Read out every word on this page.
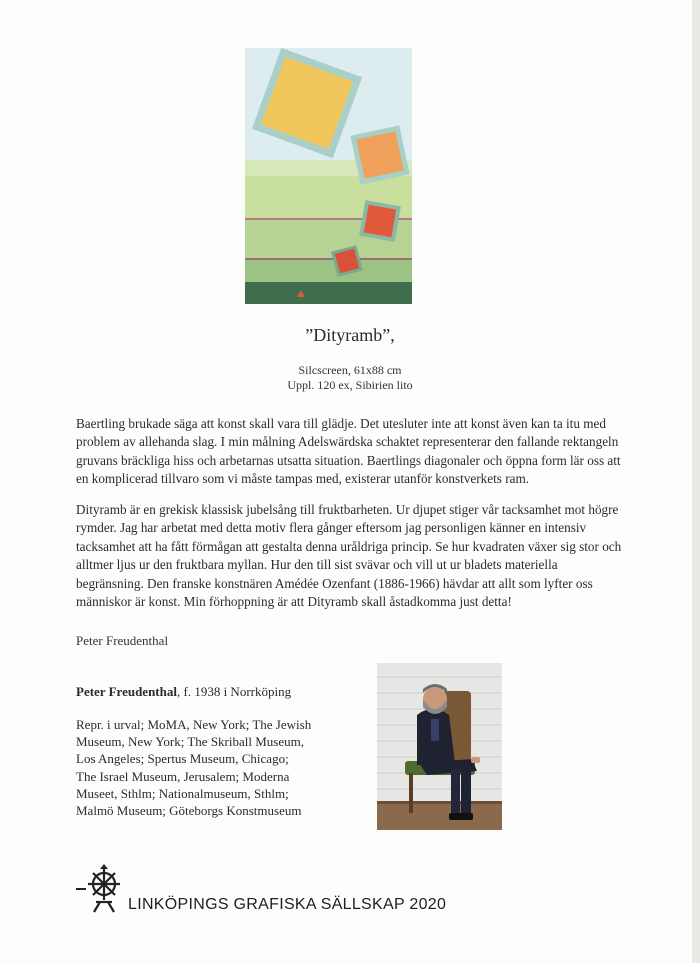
”Dityramb”,
Silcscreen, 61x88 cm
Uppl. 120 ex, Sibirien lito

Baertling brukade säga att konst skall vara till glädje. Det utesluter inte att konst även kan ta itu med problem av allehanda slag. I min målning Adelswärdska schaktet representerar den fallande rektangeln gruvans bräckliga hiss och arbetarnas utsatta situation. Baertlings diagonaler och öppna form lär oss att en komplicerad tillvaro som vi måste tampas med, existerar utanför konstverkets ram.

Dityramb är en grekisk klassisk jubelsång till fruktbarheten. Ur djupet stiger vår tacksamhet mot högre rymder. Jag har arbetat med detta motiv flera gånger eftersom jag personligen känner en intensiv tacksamhet att ha fått förmågan att gestalta denna uråldriga princip. Se hur kvadraten växer sig stor och alltmer ljus ur den fruktbara myllan. Hur den till sist svävar och vill ut ur bladets materiella begränsning. Den franske konstnären Amédée Ozenfant (1886-1966) hävdar att allt som lyfter oss människor är konst. Min förhoppning är att Dityramb skall åstadkomma just detta!

Peter Freudenthal
Peter Freudenthal, f. 1938 i Norrköping
Repr. i urval; MoMA, New York; The Jewish
Museum, New York; The Skriball Museum,
Los Angeles; Spertus Museum, Chicago;
The Israel Museum, Jerusalem; Moderna
Museet, Sthlm; Nationalmuseum, Sthlm;
Malmö Museum; Göteborgs Konstmuseum
LINKÖPINGS GRAFISKA SÄLLSKAP 2020
